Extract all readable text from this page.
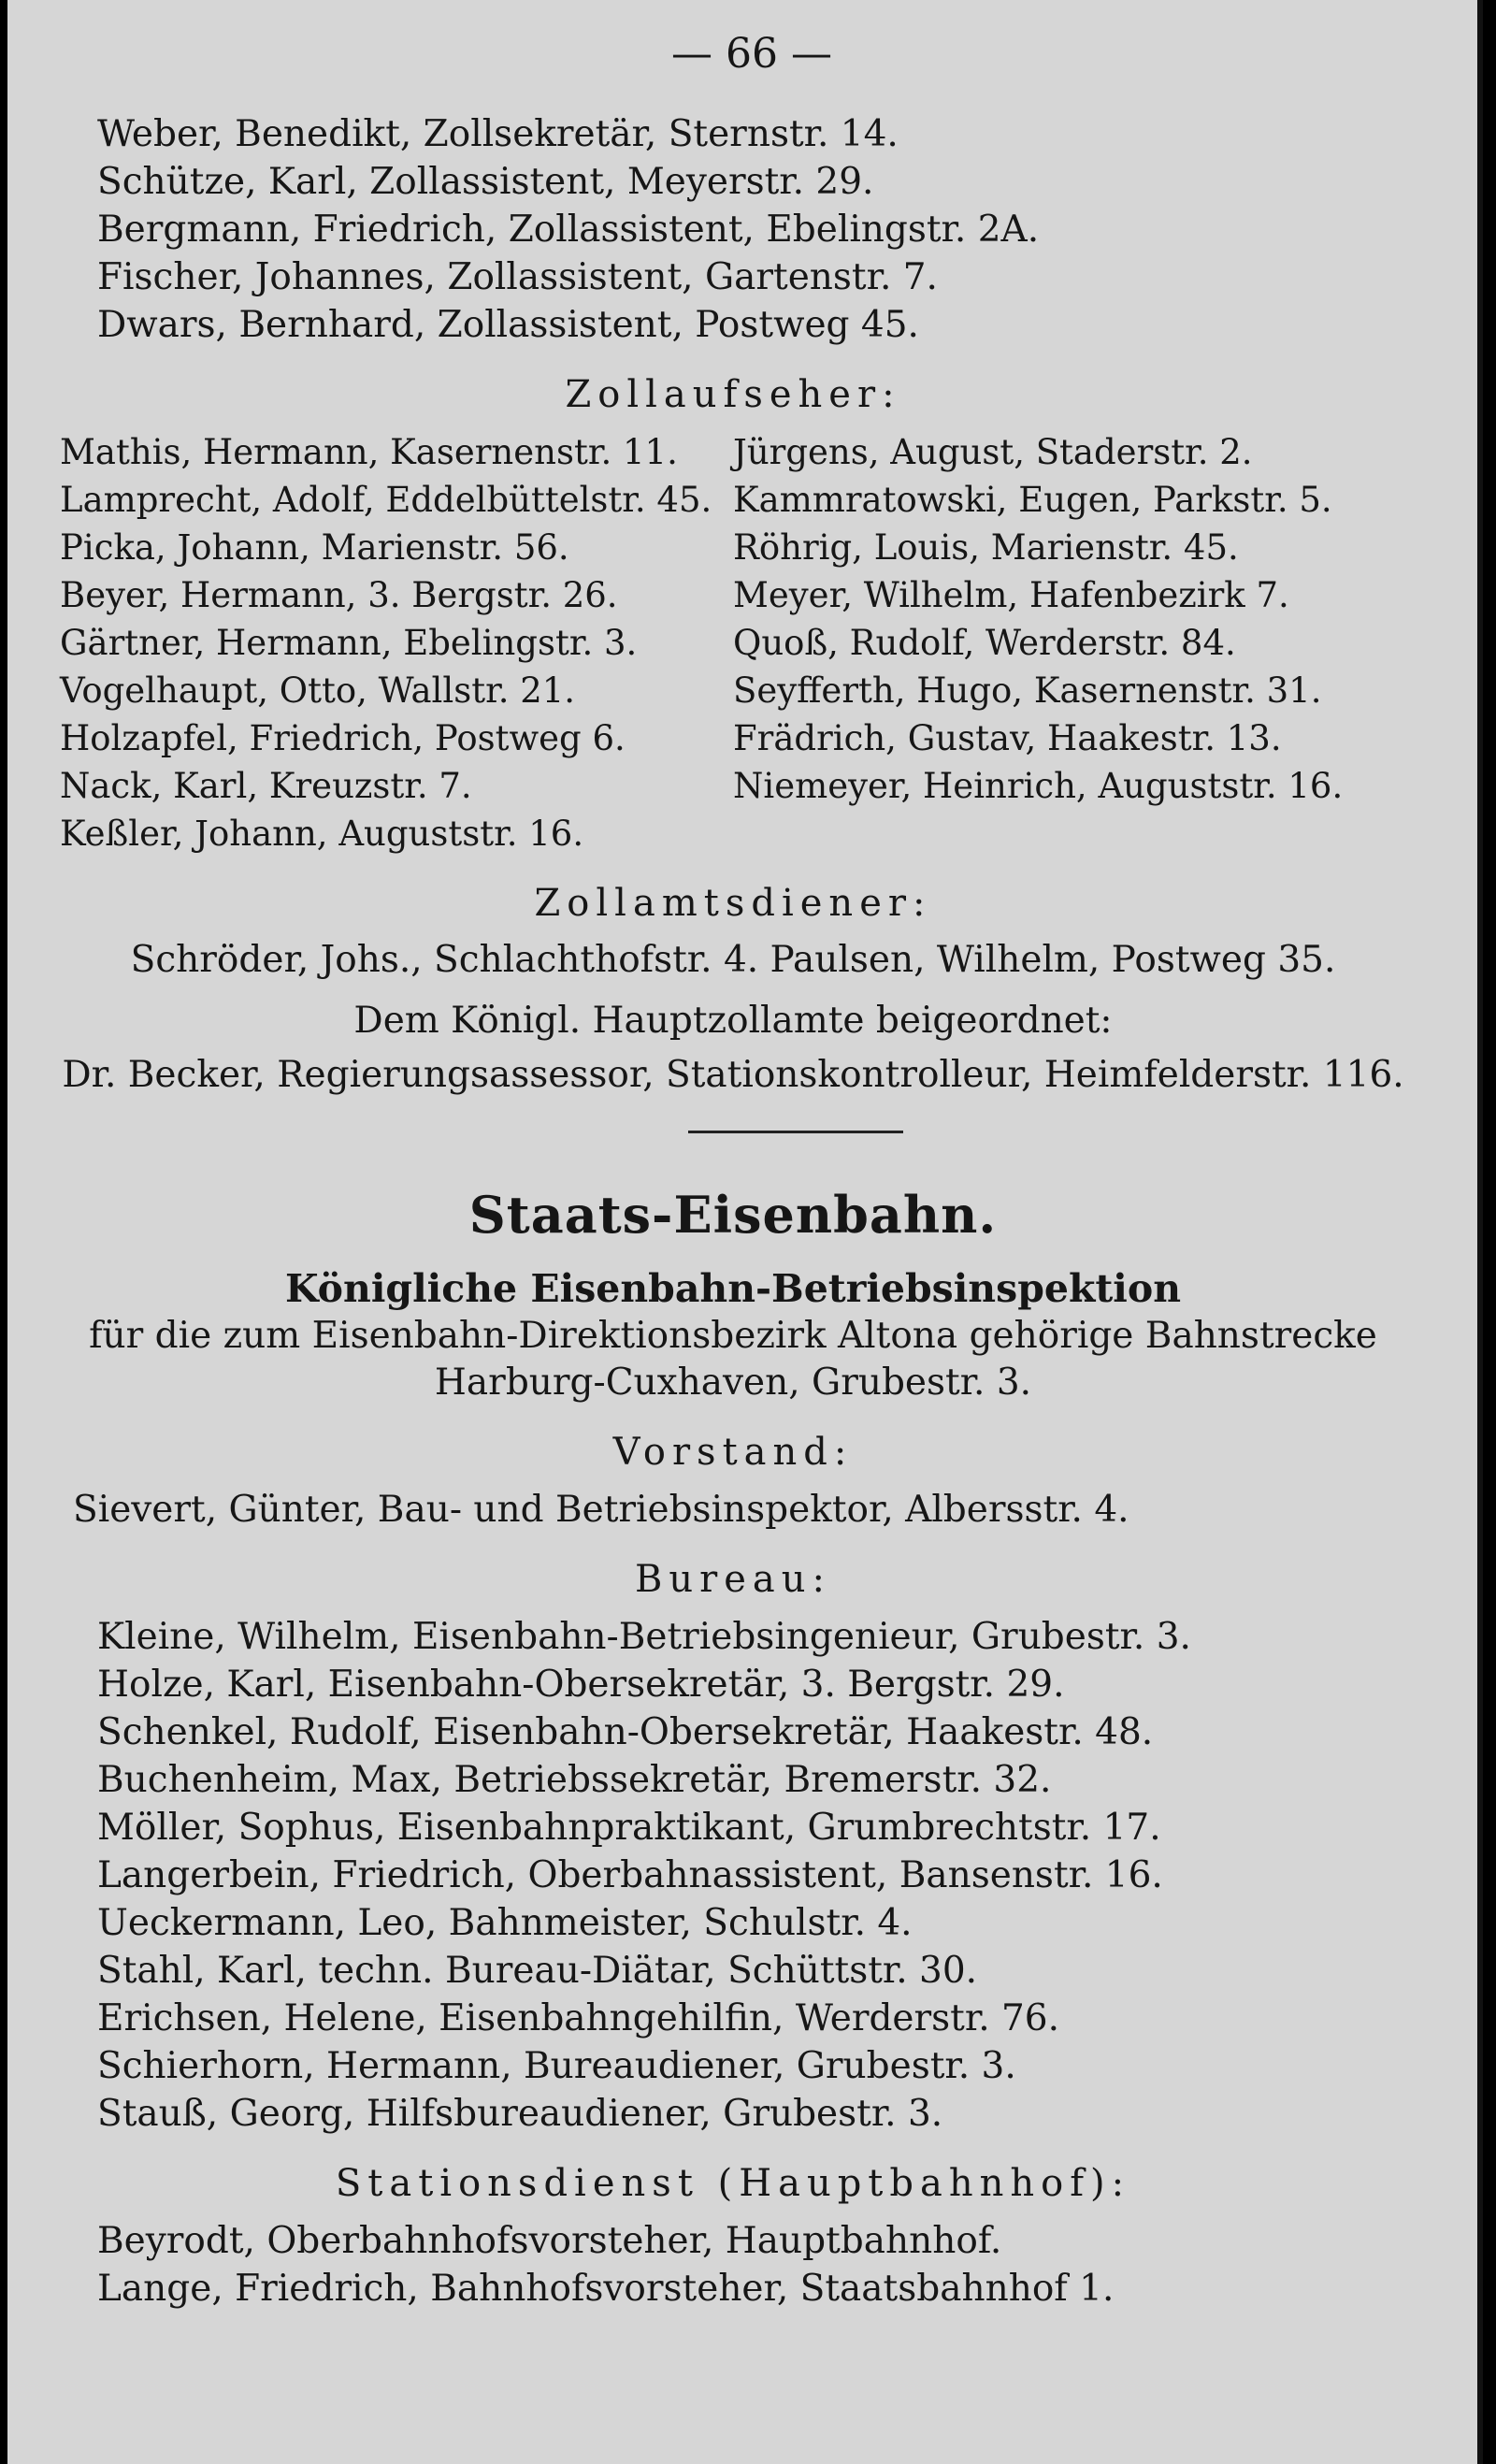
— 66 —

Weber, Benedikt, Zollsekretär, Sternstr. 14.

Schütze, Karl, Zollassistent, Meyerstr. 29.

Bergmann, Friedrich, Zollassistent, Ebelingstr. 2A.

Fischer, Johannes, Zollassistent, Gartenstr. 7.

Dwars, Bernhard, Zollassistent, Postweg 45.

Zollaufseher:

Mathis, Hermann, Kasernenstr. 11.

Lamprecht, Adolf, Eddelbüttelstr. 45.

Picka, Johann, Marienstr. 56.

Beyer, Hermann, 3. Bergstr. 26.

Gärtner, Hermann, Ebelingstr. 3.

Vogelhaupt, Otto, Wallstr. 21.

Holzapfel, Friedrich, Postweg 6.

Nack, Karl, Kreuzstr. 7.

Keßler, Johann, Auguststr. 16.

Jürgens, August, Staderstr. 2.

Kammratowski, Eugen, Parkstr. 5.

Röhrig, Louis, Marienstr. 45.

Meyer, Wilhelm, Hafenbezirk 7.

Quoß, Rudolf, Werderstr. 84.

Seyfferth, Hugo, Kasernenstr. 31.

Frädrich, Gustav, Haakestr. 13.

Niemeyer, Heinrich, Auguststr. 16.

Zollamtsdiener:

Schröder, Johs., Schlachthofstr. 4. Paulsen, Wilhelm, Postweg 35.

Dem Königl. Hauptzollamte beigeordnet:

Dr. Becker, Regierungsassessor, Stationskontrolleur, Heimfelderstr. 116.

Staats-Eisenbahn.

Königliche Eisenbahn-Betriebsinspektion

für die zum Eisenbahn-Direktionsbezirk Altona gehörige Bahnstrecke

Harburg-Cuxhaven, Grubestr. 3.

Vorstand:

Sievert, Günter, Bau- und Betriebsinspektor, Albersstr. 4.

Bureau:

Kleine, Wilhelm, Eisenbahn-Betriebsingenieur, Grubestr. 3.

Holze, Karl, Eisenbahn-Obersekretär, 3. Bergstr. 29.

Schenkel, Rudolf, Eisenbahn-Obersekretär, Haakestr. 48.

Buchenheim, Max, Betriebssekretär, Bremerstr. 32.

Möller, Sophus, Eisenbahnpraktikant, Grumbrechtstr. 17.

Langerbein, Friedrich, Oberbahnassistent, Bansenstr. 16.

Ueckermann, Leo, Bahnmeister, Schulstr. 4.

Stahl, Karl, techn. Bureau-Diätar, Schüttstr. 30.

Erichsen, Helene, Eisenbahngehilfin, Werderstr. 76.

Schierhorn, Hermann, Bureaudiener, Grubestr. 3.

Stauß, Georg, Hilfsbureaudiener, Grubestr. 3.

Stationsdienst (Hauptbahnhof):

Beyrodt, Oberbahnhofsvorsteher, Hauptbahnhof.

Lange, Friedrich, Bahnhofsvorsteher, Staatsbahnhof 1.
